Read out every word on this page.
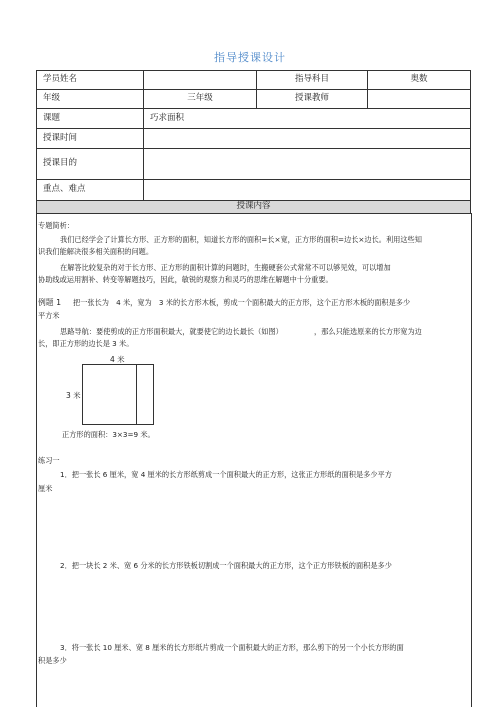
指导授课设计
学员姓名		指导科目	奥数
年级	三年级	授课教师	
课题	巧求面积		
授课时间			
授课目的			
重点、难点			
授课内容			
专题简析：
我们已经学会了计算长方形、正方形的面积，知道长方形的面积=长×宽，正方形的面积=边长×边长。利用这些知
识我们能解决很多相关面积的问题。
在解答比较复杂的对于长方形、正方形的面积计算的问题时，生搬硬套公式常常不可以够见效，可以增加
协助线或运用割补、转变等解题技巧，因此，敏锐的观察力和灵巧的思维在解题中十分重要。
例题 1 把一张长为　4 米，宽为　3 米的长方形木板，剪成一个面积最大的正方形，这个正方形木板的面积是多少
平方米
思路导航：要使剪成的正方形面积最大，就要使它的边长最长（如图）	，那么只能选原来的长方形宽为边
长，即正方形的边长是 3 米。
4 米
3 米
正方形的面积：3×3=9 米。
练习一
1．把一张长 6 厘米，宽 4 厘米的长方形纸剪成一个面积最大的正方形，这张正方形纸的面积是多少平方
厘米
2．把一块长 2 米、宽 6 分米的长方形铁板切割成一个面积最大的正方形，这个正方形铁板的面积是多少
3．将一张长 10 厘米、宽 8 厘米的长方形纸片剪成一个面积最大的正方形，那么剪下的另一个小长方形的面
积是多少
